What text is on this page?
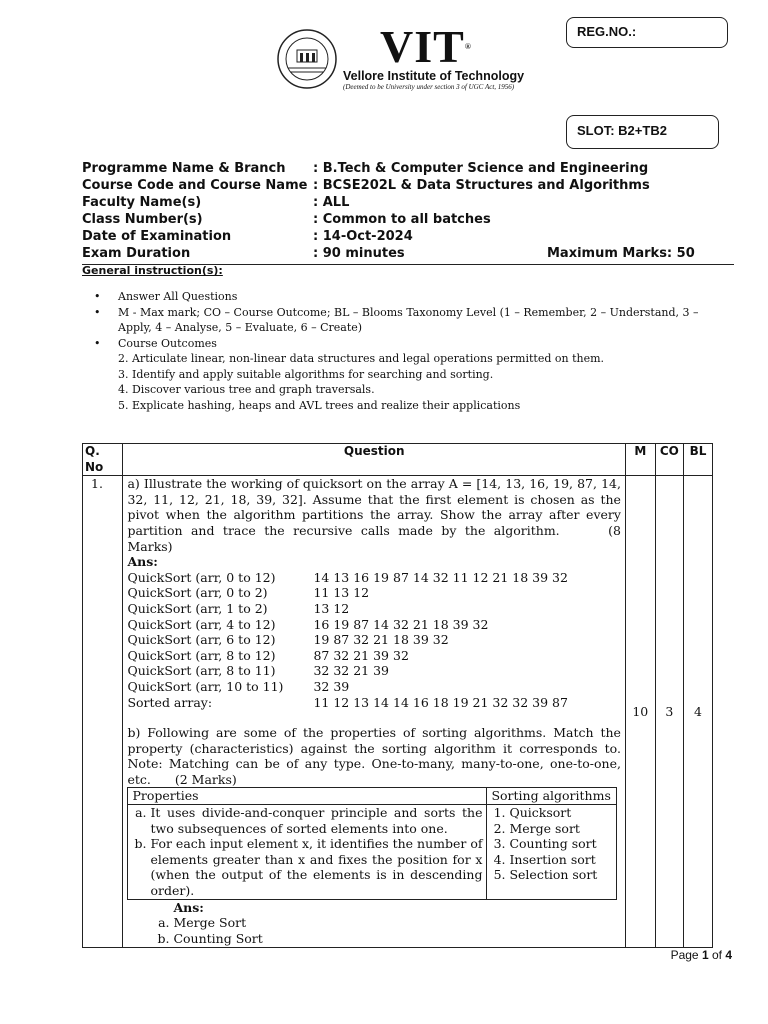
REG.NO.:
VIT®
Vellore Institute of Technology
(Deemed to be University under section 3 of UGC Act, 1956)
SLOT: B2+TB2
Programme Name & Branch : B.Tech & Computer Science and Engineering
Course Code and Course Name : BCSE202L & Data Structures and Algorithms
Faculty Name(s)	: ALL
Class Number(s)	: Common to all batches
Date of Examination	: 14-Oct-2024
Exam Duration	: 90 minutes	Maximum Marks: 50
General instruction(s):
• Answer All Questions
• M - Max mark; CO – Course Outcome; BL – Blooms Taxonomy Level (1 – Remember, 2 – Understand, 3 – Apply, 4 – Analyse, 5 – Evaluate, 6 – Create)
• Course Outcomes
2. Articulate linear, non-linear data structures and legal operations permitted on them.
3. Identify and apply suitable algorithms for searching and sorting.
4. Discover various tree and graph traversals.
5. Explicate hashing, heaps and AVL trees and realize their applications
Q. No	Question	M	CO	BL
1.	a) Illustrate the working of quicksort on the array A = [14, 13, 16, 19, 87, 14, 32, 11, 12, 21, 18, 39, 32]. Assume that the first element is chosen as the pivot when the algorithm partitions the array. Show the array after every partition and trace the recursive calls made by the algorithm.	(8 Marks)
Ans:
QuickSort (arr, 0 to 12)	14 13 16 19 87 14 32 11 12 21 18 39 32
QuickSort (arr, 0 to 2)	11 13 12
QuickSort (arr, 1 to 2)	13 12
QuickSort (arr, 4 to 12)	16 19 87 14 32 21 18 39 32
QuickSort (arr, 6 to 12)	19 87 32 21 18 39 32
QuickSort (arr, 8 to 12)	87 32 21 39 32
QuickSort (arr, 8 to 11)	32 32 21 39
QuickSort (arr, 10 to 11) 32 39
Sorted array:	11 12 13 14 14 16 18 19 21 32 32 39 87
b) Following are some of the properties of sorting algorithms. Match the property (characteristics) against the sorting algorithm it corresponds to. Note: Matching can be of any type. One-to-many, many-to-one, one-to-one, etc. (2 Marks)
Properties	Sorting algorithms

a. It uses divide-and-conquer principle and sorts the two subsequences of sorted elements into one.
b. For each input element x, it identifies the number of elements greater than x and fixes the position for x (when the output of the elements is in descending order).

1. Quicksort
2. Merge sort
3. Counting sort
4. Insertion sort
5. Selection sort
Ans:
a. Merge Sort
b. Counting Sort
	10	3	4
Page 1 of 4
